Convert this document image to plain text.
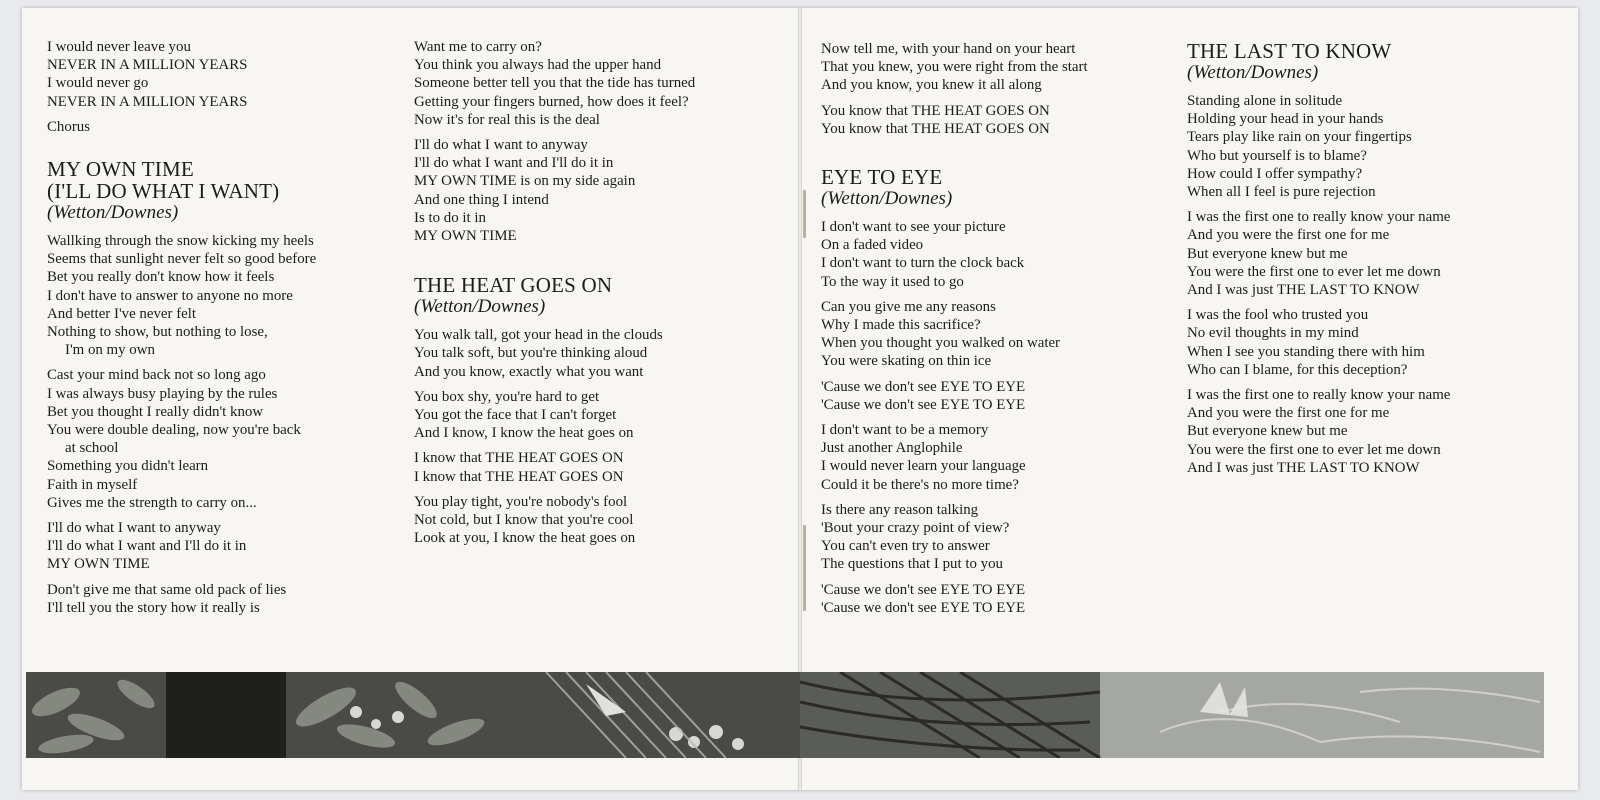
I would never leave you
NEVER IN A MILLION YEARS
I would never go
NEVER IN A MILLION YEARS
Chorus
MY OWN TIME
(I'LL DO WHAT I WANT)
(Wetton/Downes)
Wallking through the snow kicking my heels
Seems that sunlight never felt so good before
Bet you really don't know how it feels
I don't have to answer to anyone no more
And better I've never felt
Nothing to show, but nothing to lose,
I'm on my own
Cast your mind back not so long ago
I was always busy playing by the rules
Bet you thought I really didn't know
You were double dealing, now you're back
at school
Something you didn't learn
Faith in myself
Gives me the strength to carry on...
I'll do what I want to anyway
I'll do what I want and I'll do it in
MY OWN TIME
Don't give me that same old pack of lies
I'll tell you the story how it really is
Want me to carry on?
You think you always had the upper hand
Someone better tell you that the tide has turned
Getting your fingers burned, how does it feel?
Now it's for real this is the deal
I'll do what I want to anyway
I'll do what I want and I'll do it in
MY OWN TIME is on my side again
And one thing I intend
Is to do it in
MY OWN TIME
THE HEAT GOES ON
(Wetton/Downes)
You walk tall, got your head in the clouds
You talk soft, but you're thinking aloud
And you know, exactly what you want
You box shy, you're hard to get
You got the face that I can't forget
And I know, I know the heat goes on
I know that THE HEAT GOES ON
I know that THE HEAT GOES ON
You play tight, you're nobody's fool
Not cold, but I know that you're cool
Look at you, I know the heat goes on
Now tell me, with your hand on your heart
That you knew, you were right from the start
And you know, you knew it all along
You know that THE HEAT GOES ON
You know that THE HEAT GOES ON
EYE TO EYE
(Wetton/Downes)
I don't want to see your picture
On a faded video
I don't want to turn the clock back
To the way it used to go
Can you give me any reasons
Why I made this sacrifice?
When you thought you walked on water
You were skating on thin ice
'Cause we don't see EYE TO EYE
'Cause we don't see EYE TO EYE
I don't want to be a memory
Just another Anglophile
I would never learn your language
Could it be there's no more time?
Is there any reason talking
'Bout your crazy point of view?
You can't even try to answer
The questions that I put to you
'Cause we don't see EYE TO EYE
'Cause we don't see EYE TO EYE
THE LAST TO KNOW
(Wetton/Downes)
Standing alone in solitude
Holding your head in your hands
Tears play like rain on your fingertips
Who but yourself is to blame?
How could I offer sympathy?
When all I feel is pure rejection
I was the first one to really know your name
And you were the first one for me
But everyone knew but me
You were the first one to ever let me down
And I was just THE LAST TO KNOW
I was the fool who trusted you
No evil thoughts in my mind
When I see you standing there with him
Who can I blame, for this deception?
I was the first one to really know your name
And you were the first one for me
But everyone knew but me
You were the first one to ever let me down
And I was just THE LAST TO KNOW
